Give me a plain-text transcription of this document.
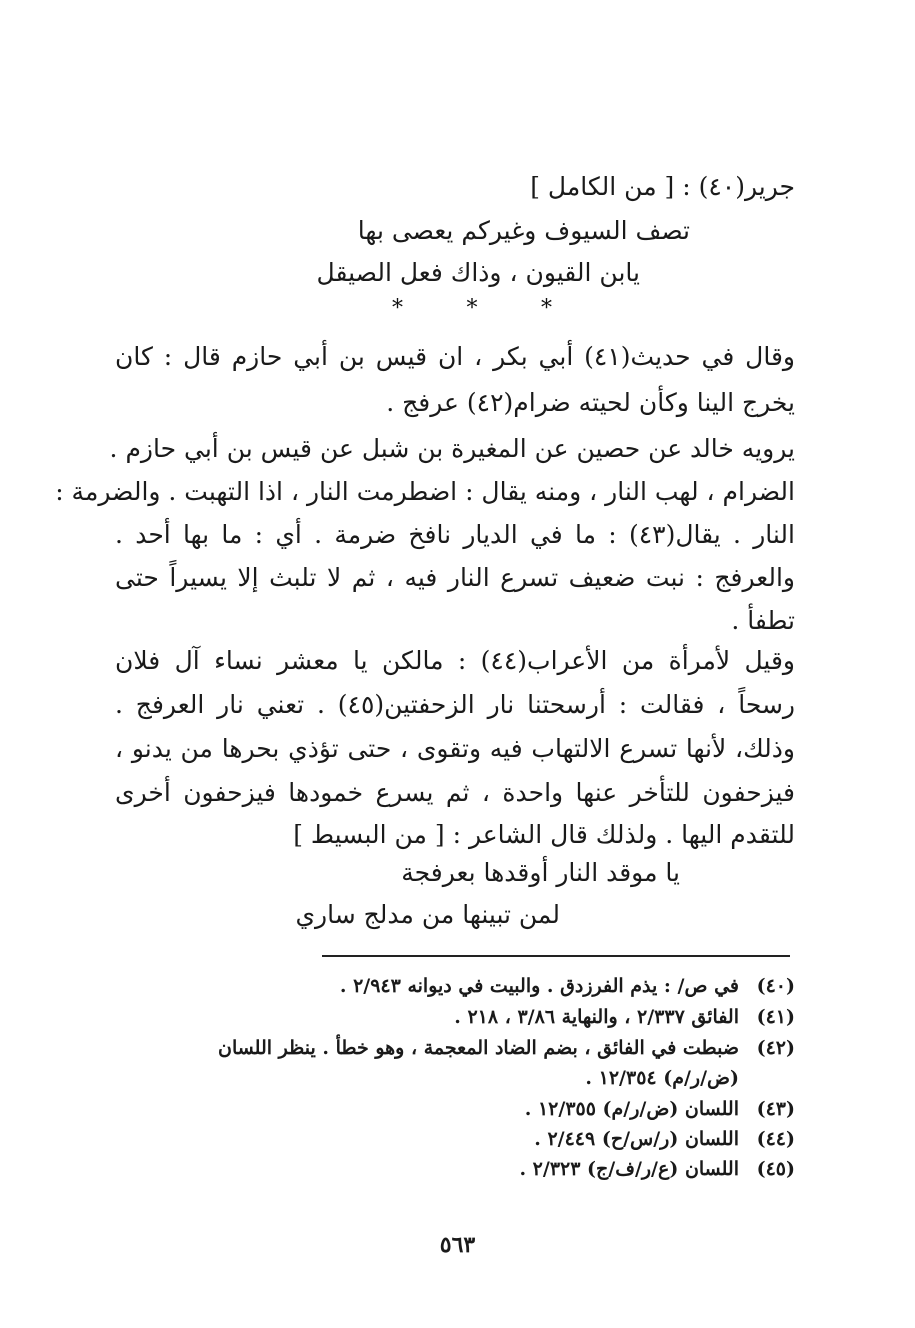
جرير(٤٠) : [ من الكامل ]
تصف السيوف وغيركم يعصى بها
يابن القيون ، وذاك فعل الصيقل
*	*	*
وقال في حديث(٤١) أبي بكر ، ان قيس بن أبي حازم قال : كان
يخرج الينا وكأن لحيته ضرام(٤٢) عرفج .
يرويه خالد عن حصين عن المغيرة بن شبل عن قيس بن أبي حازم .
الضرام ، لهب النار ، ومنه يقال : اضطرمت النار ، اذا التهبت . والضرمة :
النار . يقال(٤٣) : ما في الديار نافخ ضرمة . أي : ما بها أحد .
والعرفج : نبت ضعيف تسرع النار فيه ، ثم لا تلبث إلا يسيراً حتى
تطفأ .
وقيل لأمرأة من الأعراب(٤٤) : مالكن يا معشر نساء آل فلان
رسحاً ، فقالت : أرسحتنا نار الزحفتين(٤٥) . تعني نار العرفج .
وذلك، لأنها تسرع الالتهاب فيه وتقوى ، حتى تؤذي بحرها من يدنو ،
فيزحفون للتأخر عنها واحدة ، ثم يسرع خمودها فيزحفون أخرى
للتقدم اليها . ولذلك قال الشاعر : [ من البسيط ]
يا موقد النار أوقدها بعرفجة
لمن تبينها من مدلج ساري
(٤٠)في ص/ : يذم الفرزدق . والبيت في ديوانه ٢/٩٤٣ .
(٤١)الفائق ٢/٣٣٧ ، والنهاية ٣/٨٦ ، ٢١٨ .
(٤٢)ضبطت في الفائق ، بضم الضاد المعجمة ، وهو خطأ . ينظر اللسان
(ض/ر/م) ١٢/٣٥٤ .
(٤٣)اللسان (ض/ر/م) ١٢/٣٥٥ .
(٤٤)اللسان (ر/س/ح) ٢/٤٤٩ .
(٤٥)اللسان (ع/ر/ف/ج) ٢/٣٢٣ .
٥٦٣
